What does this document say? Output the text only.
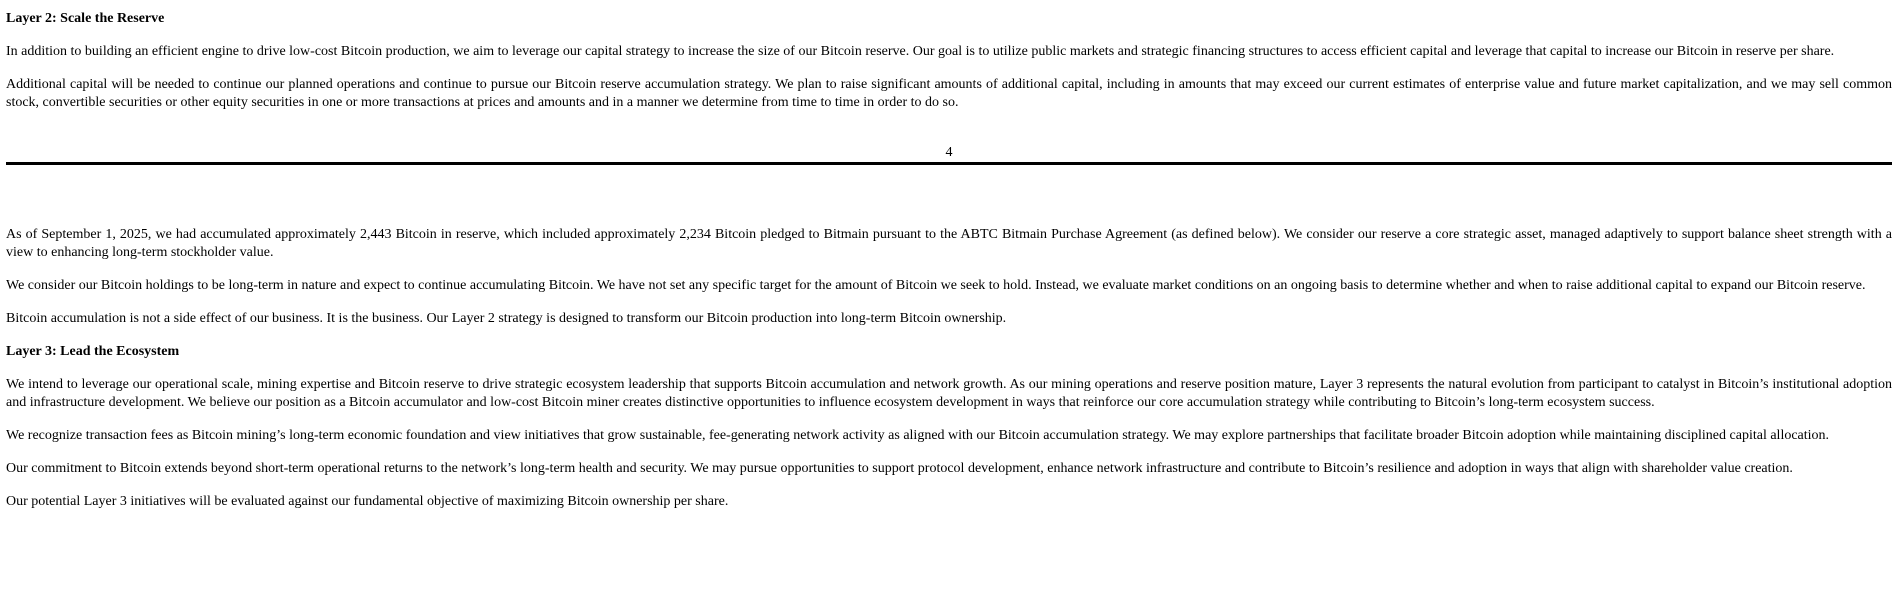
Layer 2: Scale the Reserve

In addition to building an efficient engine to drive low-cost Bitcoin production, we aim to leverage our capital strategy to increase the size of our Bitcoin reserve. Our goal is to utilize public markets and strategic financing structures to access efficient capital and leverage that capital to increase our Bitcoin in reserve per share.

Additional capital will be needed to continue our planned operations and continue to pursue our Bitcoin reserve accumulation strategy. We plan to raise significant amounts of additional capital, including in amounts that may exceed our current estimates of enterprise value and future market capitalization, and we may sell common stock, convertible securities or other equity securities in one or more transactions at prices and amounts and in a manner we determine from time to time in order to do so.

4

As of September 1, 2025, we had accumulated approximately 2,443 Bitcoin in reserve, which included approximately 2,234 Bitcoin pledged to Bitmain pursuant to the ABTC Bitmain Purchase Agreement (as defined below). We consider our reserve a core strategic asset, managed adaptively to support balance sheet strength with a view to enhancing long-term stockholder value.

We consider our Bitcoin holdings to be long-term in nature and expect to continue accumulating Bitcoin. We have not set any specific target for the amount of Bitcoin we seek to hold. Instead, we evaluate market conditions on an ongoing basis to determine whether and when to raise additional capital to expand our Bitcoin reserve.

Bitcoin accumulation is not a side effect of our business. It is the business. Our Layer 2 strategy is designed to transform our Bitcoin production into long-term Bitcoin ownership.

Layer 3: Lead the Ecosystem

We intend to leverage our operational scale, mining expertise and Bitcoin reserve to drive strategic ecosystem leadership that supports Bitcoin accumulation and network growth. As our mining operations and reserve position mature, Layer 3 represents the natural evolution from participant to catalyst in Bitcoin’s institutional adoption and infrastructure development. We believe our position as a Bitcoin accumulator and low-cost Bitcoin miner creates distinctive opportunities to influence ecosystem development in ways that reinforce our core accumulation strategy while contributing to Bitcoin’s long-term ecosystem success.

We recognize transaction fees as Bitcoin mining’s long-term economic foundation and view initiatives that grow sustainable, fee-generating network activity as aligned with our Bitcoin accumulation strategy. We may explore partnerships that facilitate broader Bitcoin adoption while maintaining disciplined capital allocation.

Our commitment to Bitcoin extends beyond short-term operational returns to the network’s long-term health and security. We may pursue opportunities to support protocol development, enhance network infrastructure and contribute to Bitcoin’s resilience and adoption in ways that align with shareholder value creation.

Our potential Layer 3 initiatives will be evaluated against our fundamental objective of maximizing Bitcoin ownership per share.
